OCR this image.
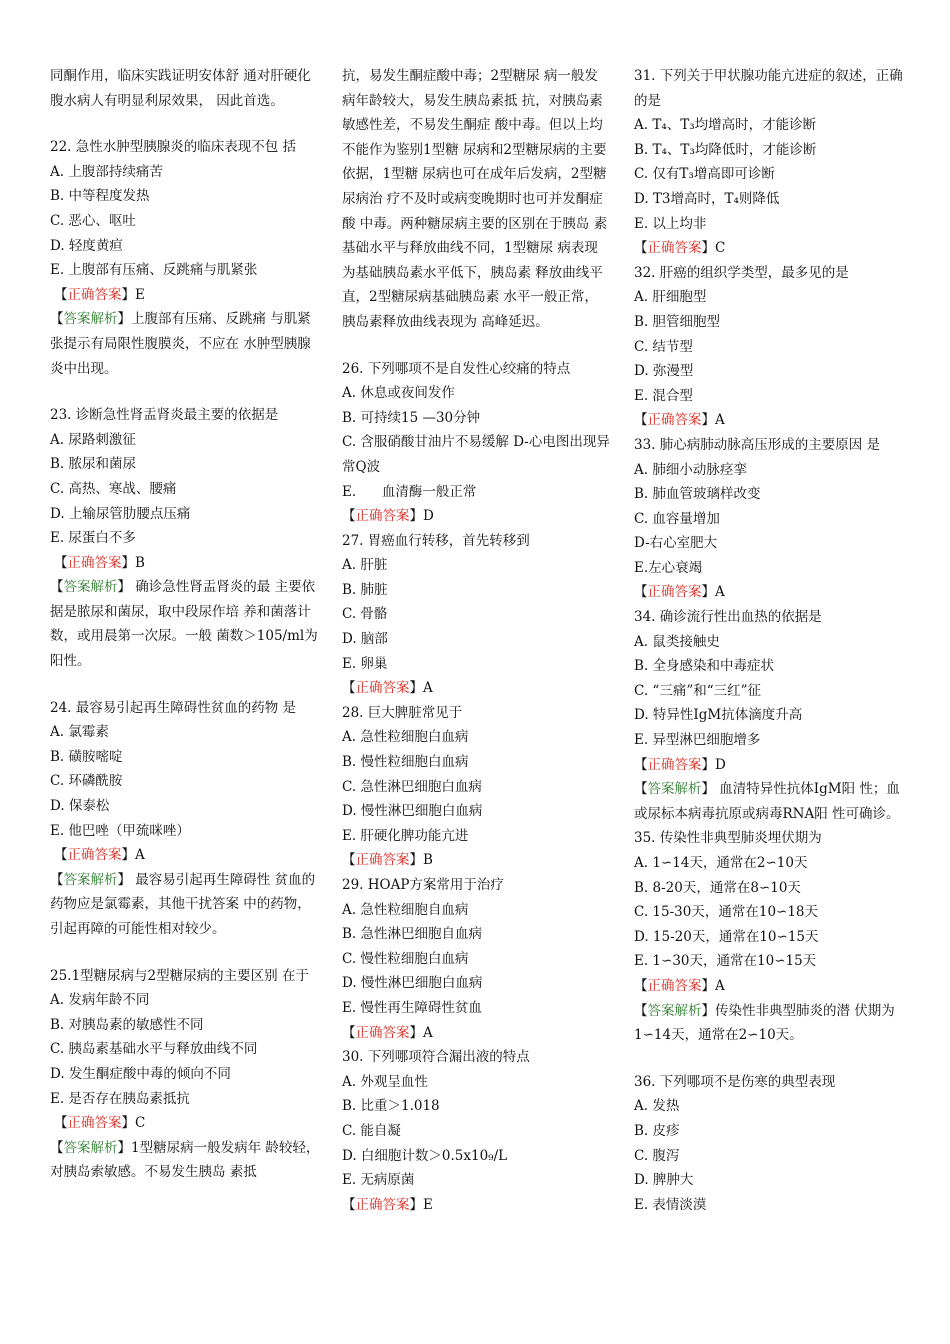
同酮作用，临床实践证明安体舒 通对肝硬化腹水病人有明显利尿效果， 因此首选。
22. 急性水肿型胰腺炎的临床表现不包 括
A. 上腹部持续痛苦
B. 中等程度发热
C. 恶心、呕吐
D. 轻度黄疸
E. 上腹部有压痛、反跳痛与肌紧张
【正确答案】E
【答案解析】上腹部有压痛、反跳痛 与肌紧张提示有局限性腹膜炎，不应在 水肿型胰腺炎中出现。
23. 诊断急性肾盂肾炎最主要的依据是
A. 尿路刺激征
B. 脓尿和菌尿
C. 高热、寒战、腰痛
D. 上输尿管肋腰点压痛
E. 尿蛋白不多
【正确答案】B
【答案解析】 确诊急性肾盂肾炎的最 主要依据是脓尿和菌尿，取中段尿作培 养和菌落计数，或用晨第一次尿。一般 菌数＞105/ml为阳性。
24. 最容易引起再生障碍性贫血的药物 是
A. 氯霉素
B. 磺胺嘧啶
C. 环磷酰胺
D. 保泰松
E. 他巴唑（甲巯咪唑）
【正确答案】A
【答案解析】 最容易引起再生障碍性 贫血的药物应是氯霉素，其他干扰答案 中的药物，引起再障的可能性相对较少。
25.1型糖尿病与2型糖尿病的主要区别 在于
A. 发病年龄不同
B. 对胰岛素的敏感性不同
C. 胰岛素基础水平与释放曲线不同
D. 发生酮症酸中毒的倾向不同
E. 是否存在胰岛素抵抗
【正确答案】C
【答案解析】1型糖尿病一般发病年 龄较轻，对胰岛索敏感。不易发生胰岛 素抵
抗，易发生酮症酸中毒；2型糖尿 病一般发病年龄较大，易发生胰岛素抵 抗，对胰岛素敏感性差，不易发生酮症 酸中毒。但以上均不能作为鉴别1型糖 尿病和2型糖尿病的主要依据，1型糖 尿病也可在成年后发病，2型糖尿病治 疗不及时或病变晚期时也可并发酮症酸 中毒。两种糖尿病主要的区别在于胰岛 素基础水平与释放曲线不同，1型糖尿 病表现为基础胰岛素水平低下，胰岛素 释放曲线平直，2型糖尿病基础胰岛素 水平一般正常，胰岛素释放曲线表现为 高峰延迟。
26. 下列哪项不是自发性心绞痛的特点
A. 休息或夜间发作
B. 可持续15 —30分钟
C. 含服硝酸甘油片不易缓解 D-心电图出现异常Q波
E.      血清酶一般正常
【正确答案】D
27. 胃癌血行转移，首先转移到
A. 肝脏
B. 肺脏
C. 骨骼
D. 脑部
E. 卵巢
【正确答案】A
28. 巨大脾脏常见于
A. 急性粒细胞白血病
B. 慢性粒细胞白血病
C. 急性淋巴细胞白血病
D. 慢性淋巴细胞白血病
E. 肝硬化脾功能亢进
【正确答案】B
29. HOAP方案常用于治疗
A. 急性粒细胞自血病
B. 急性淋巴细胞自血病
C. 慢性粒细胞白血病
D. 慢性淋巴细胞白血病
E. 慢性再生障碍性贫血
【正确答案】A
30. 下列哪项符合漏出液的特点
A. 外观呈血性
B. 比重＞1.018
C. 能自凝
D. 白细胞计数＞0.5x10₉/L
E. 无病原菌
【正确答案】E
31. 下列关于甲状腺功能亢进症的叙述，正确的是
A. T₄、T₃均增高时，才能诊断
B. T₄、T₃均降低时，才能诊断
C. 仅有T₃增高即可诊断
D. T3增高时，T₄则降低
E. 以上均非
【正确答案】C
32. 肝癌的组织学类型，最多见的是
A. 肝细胞型
B. 胆管细胞型
C. 结节型
D. 弥漫型
E. 混合型
【正确答案】A
33. 肺心病肺动脉高压形成的主要原因 是
A. 肺细小动脉痉挛
B. 肺血管玻璃样改变
C. 血容量增加
D-右心室肥大
E.左心衰竭
【正确答案】A
34. 确诊流行性出血热的依据是
A. 鼠类接触史
B. 全身感染和中毒症状
C. “三痛”和“三红”征
D. 特异性IgM抗体滴度升高
E. 异型淋巴细胞增多
【正确答案】D
【答案解析】 血清特异性抗体IgM阳 性；血或尿标本病毒抗原或病毒RNA阳 性可确诊。
35. 传染性非典型肺炎埋伏期为
A. 1∽14天，通常在2∽10天
B. 8-20天，通常在8∽10天
C. 15-30天，通常在10∽18天
D. 15-20天，通常在10∽15天
E. 1∽30天，通常在10∽15天
【正确答案】A
【答案解析】传染性非典型肺炎的潜 伏期为1∽14天，通常在2∽10天。
36. 下列哪项不是伤寒的典型表现
A. 发热
B. 皮疹
C. 腹泻
D. 脾肿大
E. 表情淡漠
